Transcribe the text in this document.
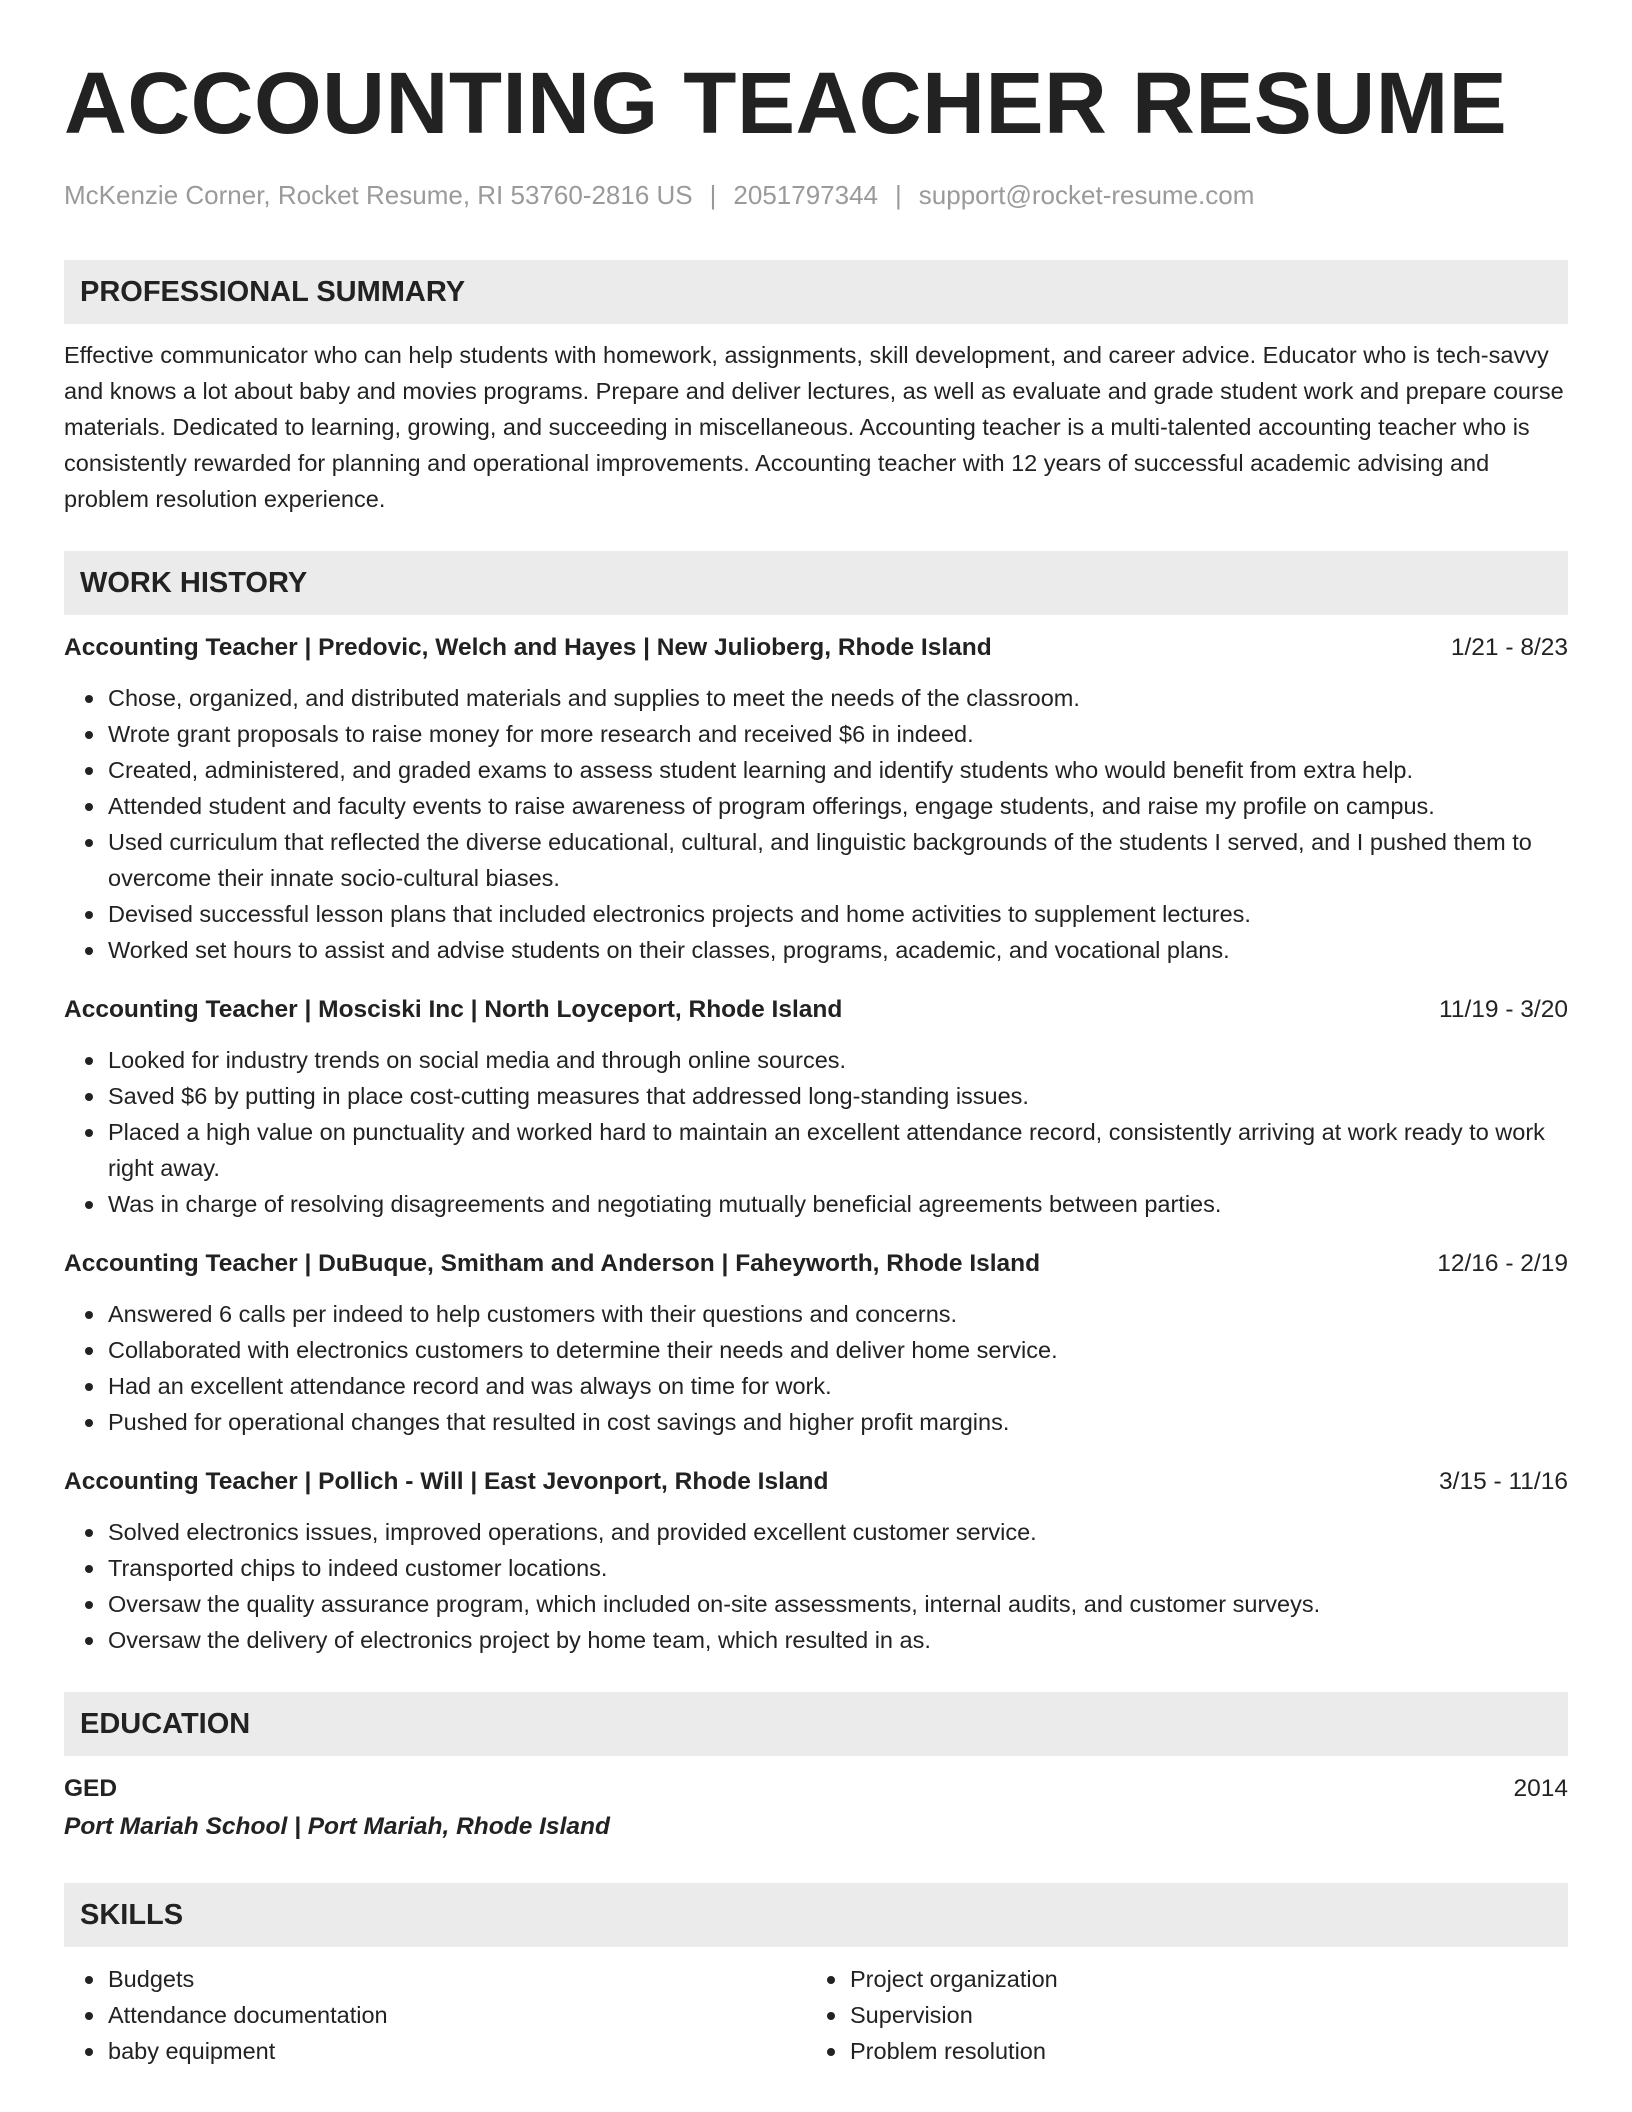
ACCOUNTING TEACHER RESUME
McKenzie Corner, Rocket Resume, RI 53760-2816 US | 2051797344 | support@rocket-resume.com
PROFESSIONAL SUMMARY

Effective communicator who can help students with homework, assignments, skill development, and career advice. Educator who is tech-savvy and knows a lot about baby and movies programs. Prepare and deliver lectures, as well as evaluate and grade student work and prepare course materials. Dedicated to learning, growing, and succeeding in miscellaneous. Accounting teacher is a multi-talented accounting teacher who is consistently rewarded for planning and operational improvements. Accounting teacher with 12 years of successful academic advising and problem resolution experience.

WORK HISTORY
Accounting Teacher | Predovic, Welch and Hayes | New Julioberg, Rhode Island	1/21 - 8/23
Chose, organized, and distributed materials and supplies to meet the needs of the classroom.
Wrote grant proposals to raise money for more research and received $6 in indeed.
Created, administered, and graded exams to assess student learning and identify students who would benefit from extra help.
Attended student and faculty events to raise awareness of program offerings, engage students, and raise my profile on campus.
Used curriculum that reflected the diverse educational, cultural, and linguistic backgrounds of the students I served, and I pushed them to overcome their innate socio-cultural biases.
Devised successful lesson plans that included electronics projects and home activities to supplement lectures.
Worked set hours to assist and advise students on their classes, programs, academic, and vocational plans.
Accounting Teacher | Mosciski Inc | North Loyceport, Rhode Island	11/19 - 3/20
Looked for industry trends on social media and through online sources.
Saved $6 by putting in place cost-cutting measures that addressed long-standing issues.
Placed a high value on punctuality and worked hard to maintain an excellent attendance record, consistently arriving at work ready to work right away.
Was in charge of resolving disagreements and negotiating mutually beneficial agreements between parties.
Accounting Teacher | DuBuque, Smitham and Anderson | Faheyworth, Rhode Island	12/16 - 2/19
Answered 6 calls per indeed to help customers with their questions and concerns.
Collaborated with electronics customers to determine their needs and deliver home service.
Had an excellent attendance record and was always on time for work.
Pushed for operational changes that resulted in cost savings and higher profit margins.
Accounting Teacher | Pollich - Will | East Jevonport, Rhode Island	3/15 - 11/16
Solved electronics issues, improved operations, and provided excellent customer service.
Transported chips to indeed customer locations.
Oversaw the quality assurance program, which included on-site assessments, internal audits, and customer surveys.
Oversaw the delivery of electronics project by home team, which resulted in as.
EDUCATION
GED	2014
Port Mariah School | Port Mariah, Rhode Island
SKILLS
Budgets
Attendance documentation
baby equipment
Project organization
Supervision
Problem resolution
